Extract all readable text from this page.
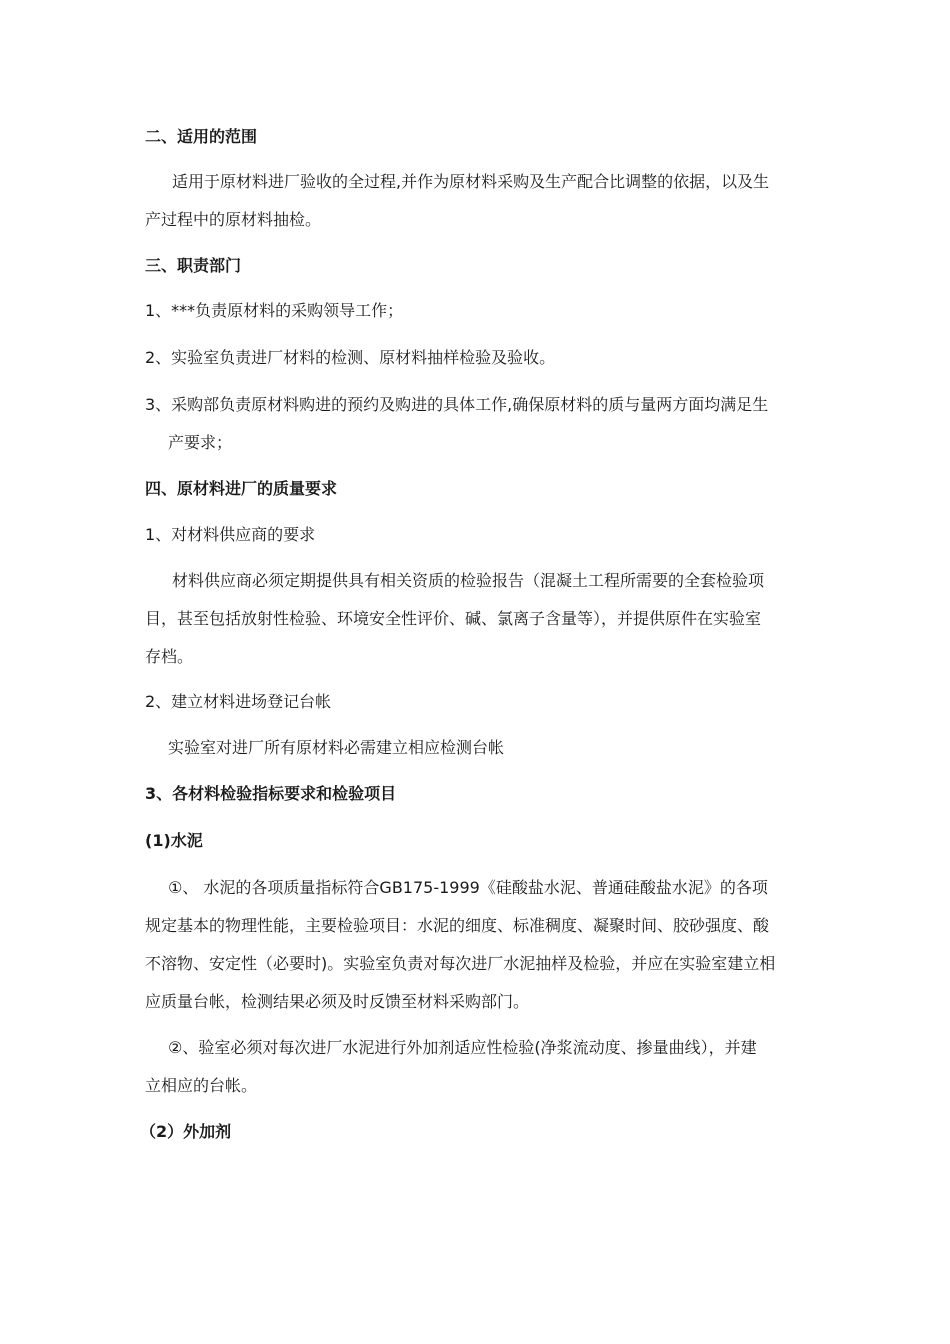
二、适用的范围
适用于原材料进厂验收的全过程,并作为原材料采购及生产配合比调整的依据，以及生
产过程中的原材料抽检。
三、职责部门
1、***负责原材料的采购领导工作；
2、实验室负责进厂材料的检测、原材料抽样检验及验收。
3、采购部负责原材料购进的预约及购进的具体工作,确保原材料的质与量两方面均满足生
产要求；
四、原材料进厂的质量要求
1、对材料供应商的要求
材料供应商必须定期提供具有相关资质的检验报告（混凝土工程所需要的全套检验项
目，甚至包括放射性检验、环境安全性评价、碱、氯离子含量等），并提供原件在实验室
存档。
2、建立材料进场登记台帐
实验室对进厂所有原材料必需建立相应检测台帐
3、各材料检验指标要求和检验项目
(1)水泥
①、 水泥的各项质量指标符合GB175-1999《硅酸盐水泥、普通硅酸盐水泥》的各项
规定基本的物理性能，主要检验项目：水泥的细度、标准稠度、凝聚时间、胶砂强度、酸
不溶物、安定性（必要时)。实验室负责对每次进厂水泥抽样及检验，并应在实验室建立相
应质量台帐，检测结果必须及时反馈至材料采购部门。
②、验室必须对每次进厂水泥进行外加剂适应性检验(净浆流动度、掺量曲线），并建
立相应的台帐。
（2）外加剂
